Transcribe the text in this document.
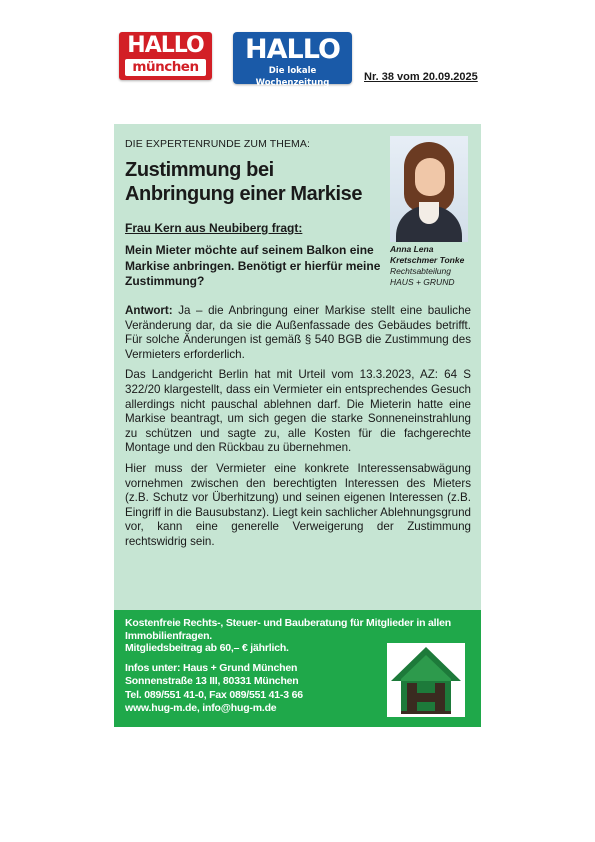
HALLO
münchen
HALLO
Die lokale Wochenzeitung	Nr. 38 vom 20.09.2025
DIE EXPERTENRUNDE ZUM THEMA:
Zustimmung bei Anbringung einer Markise
Anna Lena
Kretschmer Tonke
Rechtsabteilung
HAUS + GRUND
Frau Kern aus Neubiberg fragt:
Mein Mieter möchte auf seinem Balkon eine Markise anbringen. Benötigt er hierfür meine Zustimmung?

Antwort: Ja – die Anbringung einer Markise stellt eine bauliche Veränderung dar, da sie die Außenfassade des Gebäudes betrifft. Für solche Änderungen ist gemäß § 540 BGB die Zustimmung des Vermieters erforderlich.

Das Landgericht Berlin hat mit Urteil vom 13.3.2023, AZ: 64 S 322/20 klargestellt, dass ein Vermieter ein entsprechendes Gesuch allerdings nicht pauschal ablehnen darf. Die Mieterin hatte eine Markise beantragt, um sich gegen die starke Sonneneinstrahlung zu schützen und sagte zu, alle Kosten für die fachgerechte Montage und den Rückbau zu übernehmen.

Hier muss der Vermieter eine konkrete Interessensabwägung vornehmen zwischen den berechtigten Interessen des Mieters (z.B. Schutz vor Überhitzung) und seinen eigenen Interessen (z.B. Eingriff in die Bausubstanz). Liegt kein sachlicher Ablehnungsgrund vor, kann eine generelle Verweigerung der Zustimmung rechtswidrig sein.

Kostenfreie Rechts-, Steuer- und Bauberatung für Mitglieder in allen Immobilienfragen.
Mitgliedsbeitrag ab 60,– € jährlich.
Infos unter: Haus + Grund München
Sonnenstraße 13 III, 80331 München
Tel. 089/551 41-0, Fax 089/551 41-3 66
www.hug-m.de, info@hug-m.de
